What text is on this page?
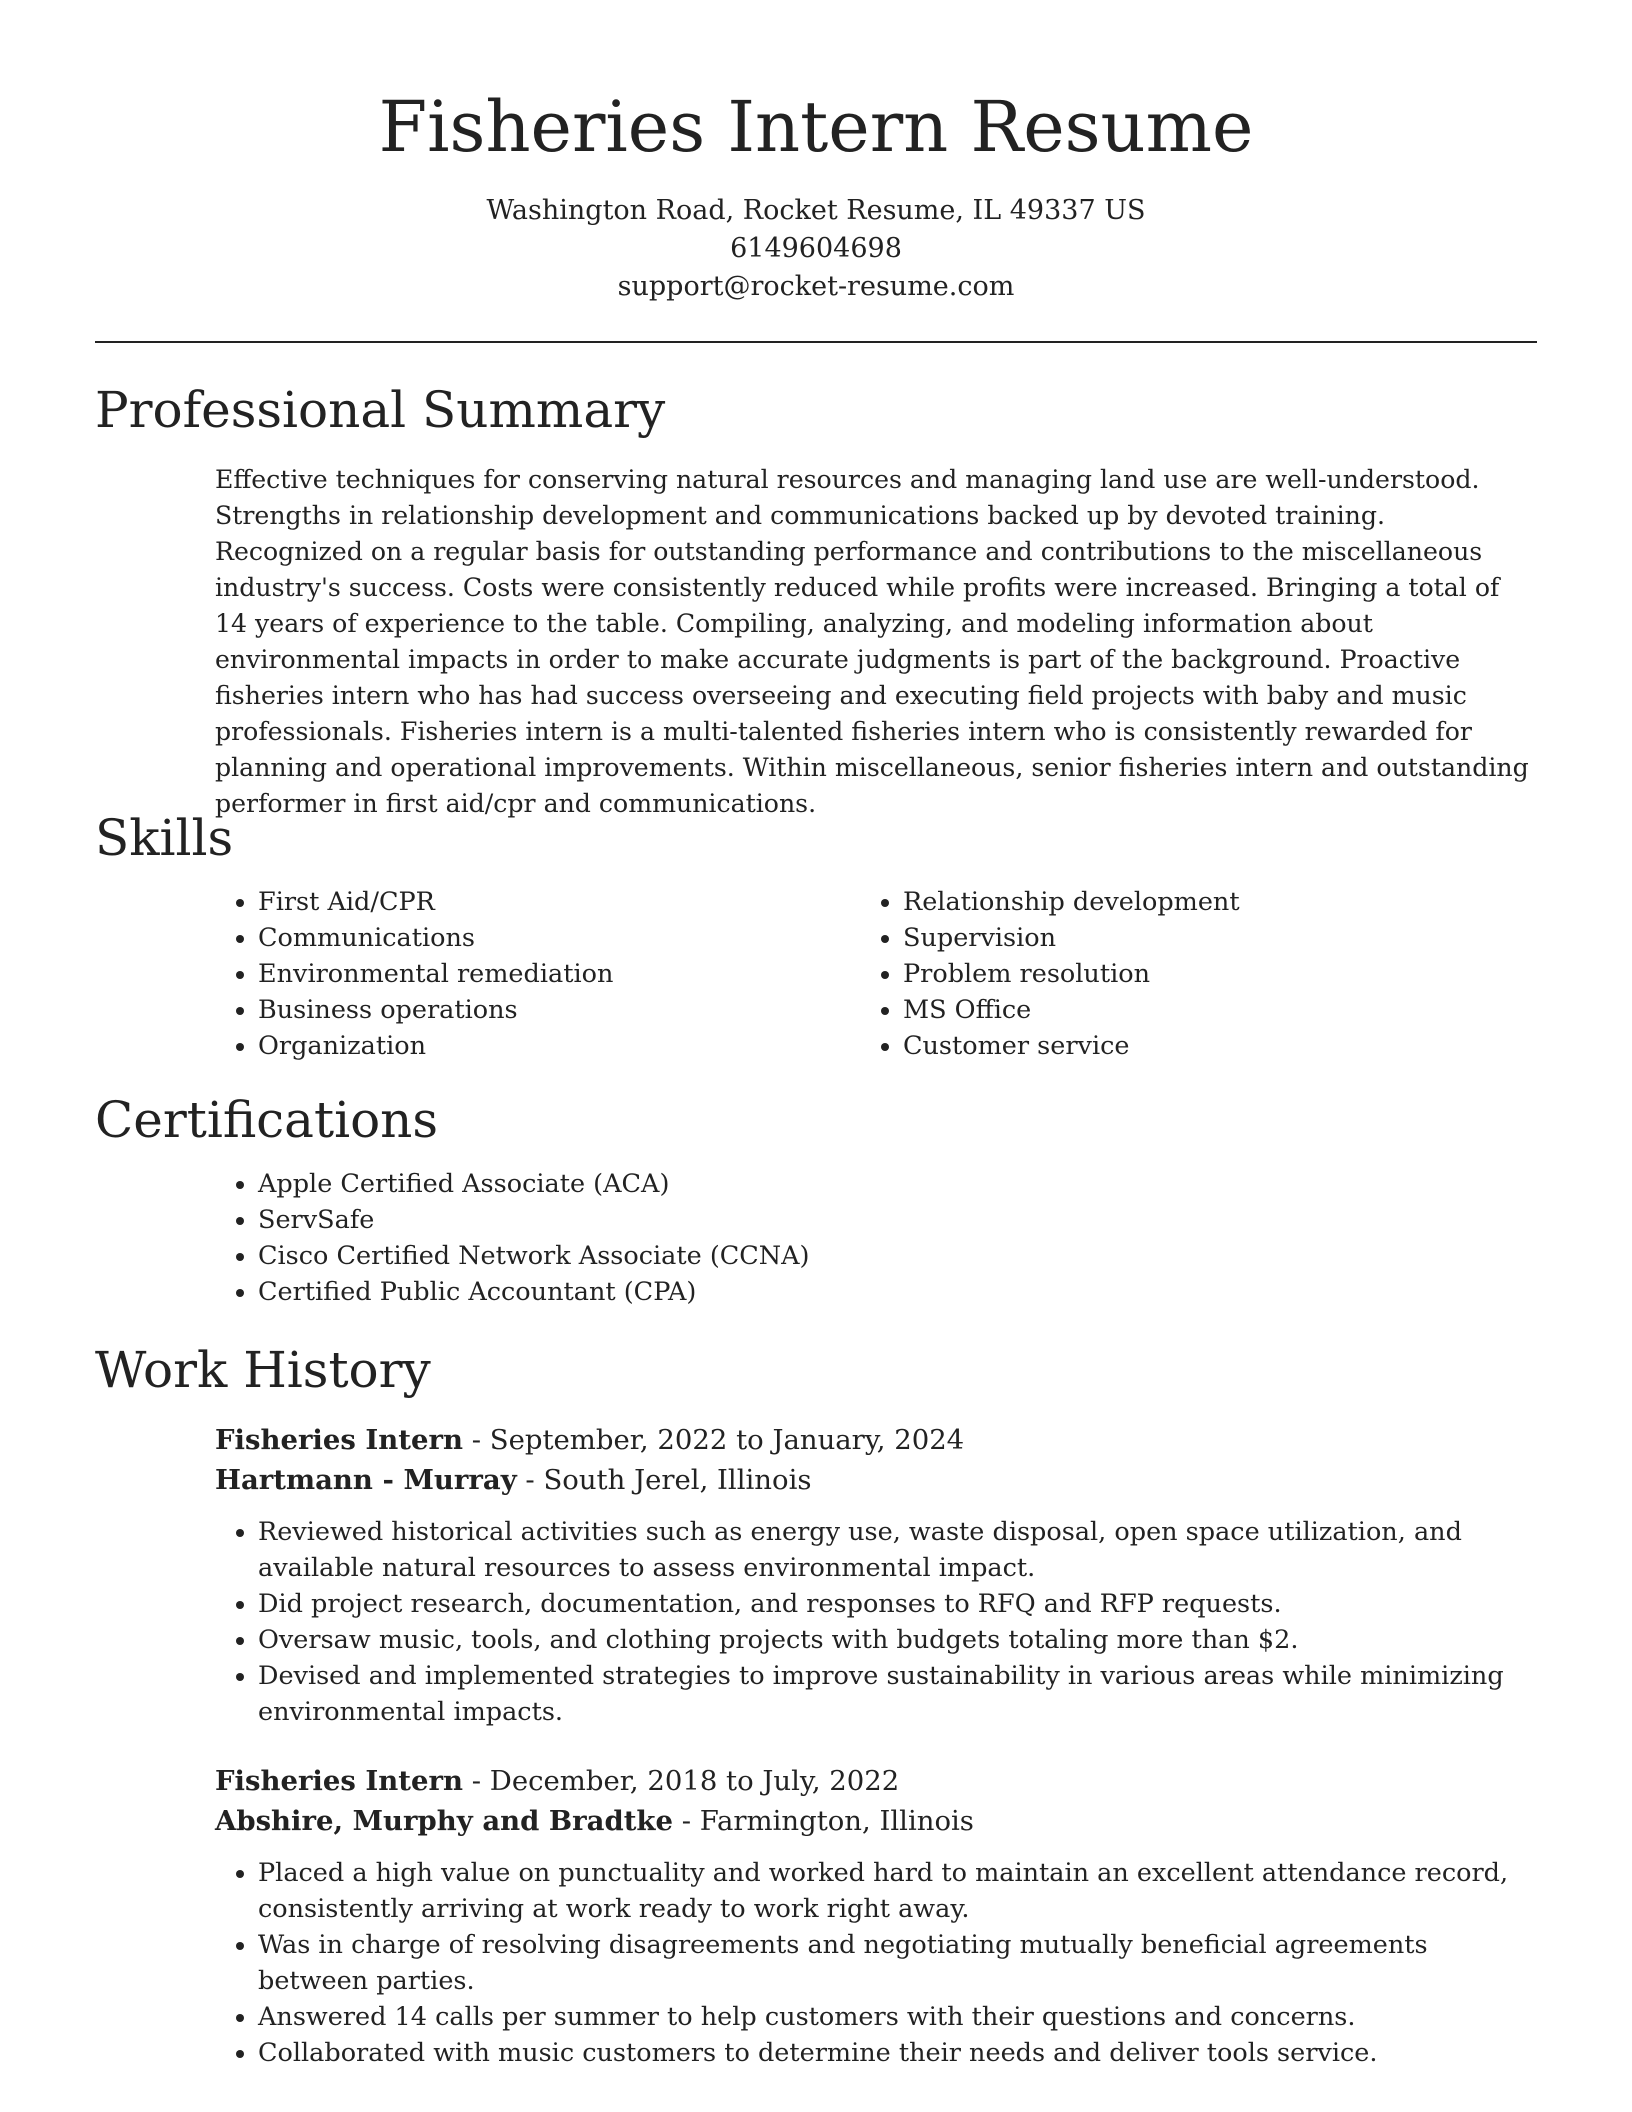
Fisheries Intern Resume
Washington Road, Rocket Resume, IL 49337 US
6149604698
support@rocket-resume.com
Professional Summary

Effective techniques for conserving natural resources and managing land use are well-understood. Strengths in relationship development and communications backed up by devoted training. Recognized on a regular basis for outstanding performance and contributions to the miscellaneous industry's success. Costs were consistently reduced while profits were increased. Bringing a total of 14 years of experience to the table. Compiling, analyzing, and modeling information about environmental impacts in order to make accurate judgments is part of the background. Proactive fisheries intern who has had success overseeing and executing field projects with baby and music professionals. Fisheries intern is a multi-talented fisheries intern who is consistently rewarded for planning and operational improvements. Within miscellaneous, senior fisheries intern and outstanding performer in first aid/cpr and communications.

Skills
• First Aid/CPR
• Communications
• Environmental remediation
• Business operations
• Organization
• Relationship development
• Supervision
• Problem resolution
• MS Office
• Customer service
Certifications
• Apple Certified Associate (ACA)
• ServSafe
• Cisco Certified Network Associate (CCNA)
• Certified Public Accountant (CPA)
Work History
Fisheries Intern - September, 2022 to January, 2024
Hartmann - Murray - South Jerel, Illinois
• Reviewed historical activities such as energy use, waste disposal, open space utilization, and available natural resources to assess environmental impact.
• Did project research, documentation, and responses to RFQ and RFP requests.
• Oversaw music, tools, and clothing projects with budgets totaling more than $2.
• Devised and implemented strategies to improve sustainability in various areas while minimizing environmental impacts.
Fisheries Intern - December, 2018 to July, 2022
Abshire, Murphy and Bradtke - Farmington, Illinois
• Placed a high value on punctuality and worked hard to maintain an excellent attendance record, consistently arriving at work ready to work right away.
• Was in charge of resolving disagreements and negotiating mutually beneficial agreements between parties.
• Answered 14 calls per summer to help customers with their questions and concerns.
• Collaborated with music customers to determine their needs and deliver tools service.
